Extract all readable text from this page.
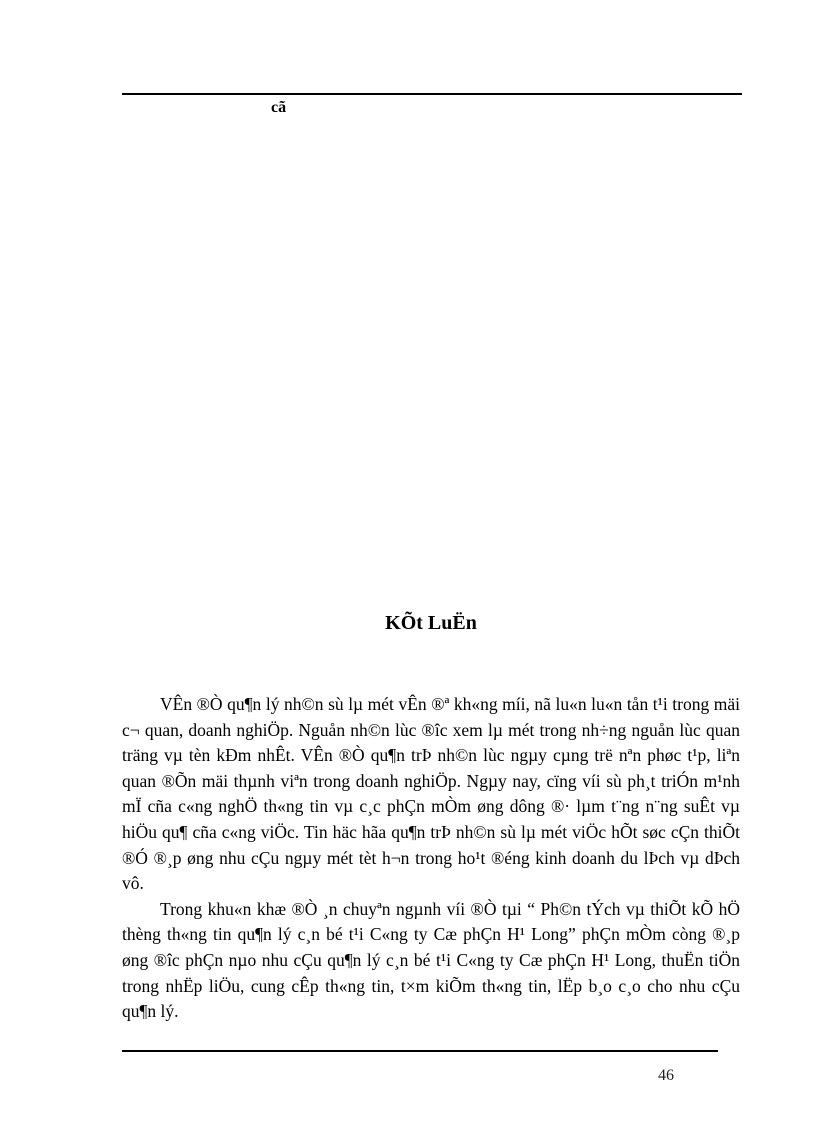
cã
KÕt LuËn

VÊn ®Ò qu¶n lý nh©n sù lµ mét vÊn ®ª kh«ng míi, nã lu«n lu«n tån t¹i trong mäi c¬ quan, doanh nghiÖp. Nguån nh©n lùc ®îc xem lµ mét trong nh÷ng nguån lùc quan träng vµ tèn kÐm nhÊt. VÊn ®Ò qu¶n trÞ nh©n lùc ngµy cµng trë nªn phøc t¹p, liªn quan ®Õn mäi thµnh viªn trong doanh nghiÖp. Ngµy nay, cïng víi sù ph¸t triÓn m¹nh mÏ cña c«ng nghÖ th«ng tin vµ c¸c phÇn mÒm øng dông ®· lµm t¨ng n¨ng suÊt vµ hiÖu qu¶ cña c«ng viÖc. Tin häc hãa qu¶n trÞ nh©n sù lµ mét viÖc hÕt søc cÇn thiÕt ®Ó ®¸p øng nhu cÇu ngµy mét tèt h¬n trong ho¹t ®éng kinh doanh du lÞch vµ dÞch vô.

Trong khu«n khæ ®Ò ¸n chuyªn ngµnh víi ®Ò tµi “ Ph©n tÝch vµ thiÕt kÕ hÖ thèng th«ng tin qu¶n lý c¸n bé t¹i C«ng ty Cæ phÇn H¹ Long” phÇn mÒm còng ®¸p øng ®îc phÇn nµo nhu cÇu qu¶n lý c¸n bé t¹i C«ng ty Cæ phÇn H¹ Long, thuËn tiÖn trong nhËp liÖu, cung cÊp th«ng tin, t×m kiÕm th«ng tin, lËp b¸o c¸o cho nhu cÇu qu¶n lý.

46
